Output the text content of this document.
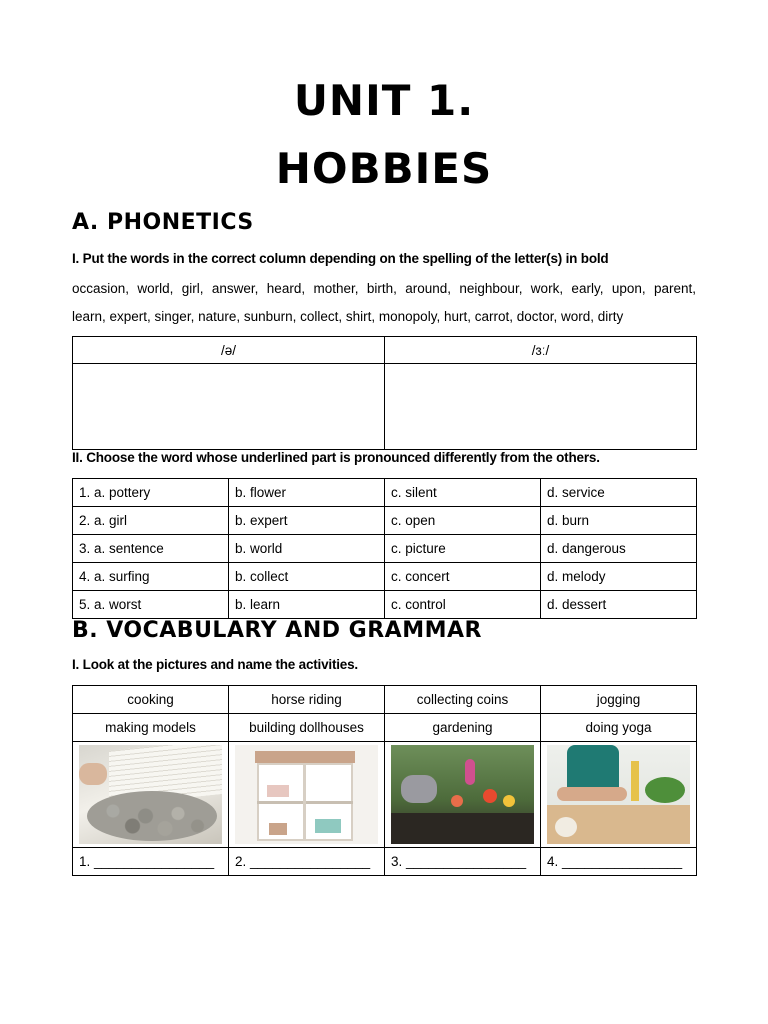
UNIT 1.
HOBBIES
A. PHONETICS
I. Put the words in the correct column depending on the spelling of the letter(s) in bold
occasion, world, girl, answer, heard, mother, birth, around, neighbour, work, early, upon, parent,
learn, expert, singer, nature, sunburn, collect, shirt, monopoly, hurt, carrot, doctor, word, dirty
/ə/	/ɜː/

II. Choose the word whose underlined part is pronounced differently from the others.
1. a. pottery	b. flower	c. silent	d. service
2. a. girl	b. expert	c. open	d. burn
3. a. sentence	b. world	c. picture	d. dangerous
4. a. surfing	b. collect	c. concert	d. melody
5. a. worst	b. learn	c. control	d. dessert
B. VOCABULARY AND GRAMMAR
I. Look at the pictures and name the activities.
cooking	horse riding	collecting coins	jogging
making models	building dollhouses	gardening	doing yoga

1. ________________	2. ________________	3. ________________	4. ________________
